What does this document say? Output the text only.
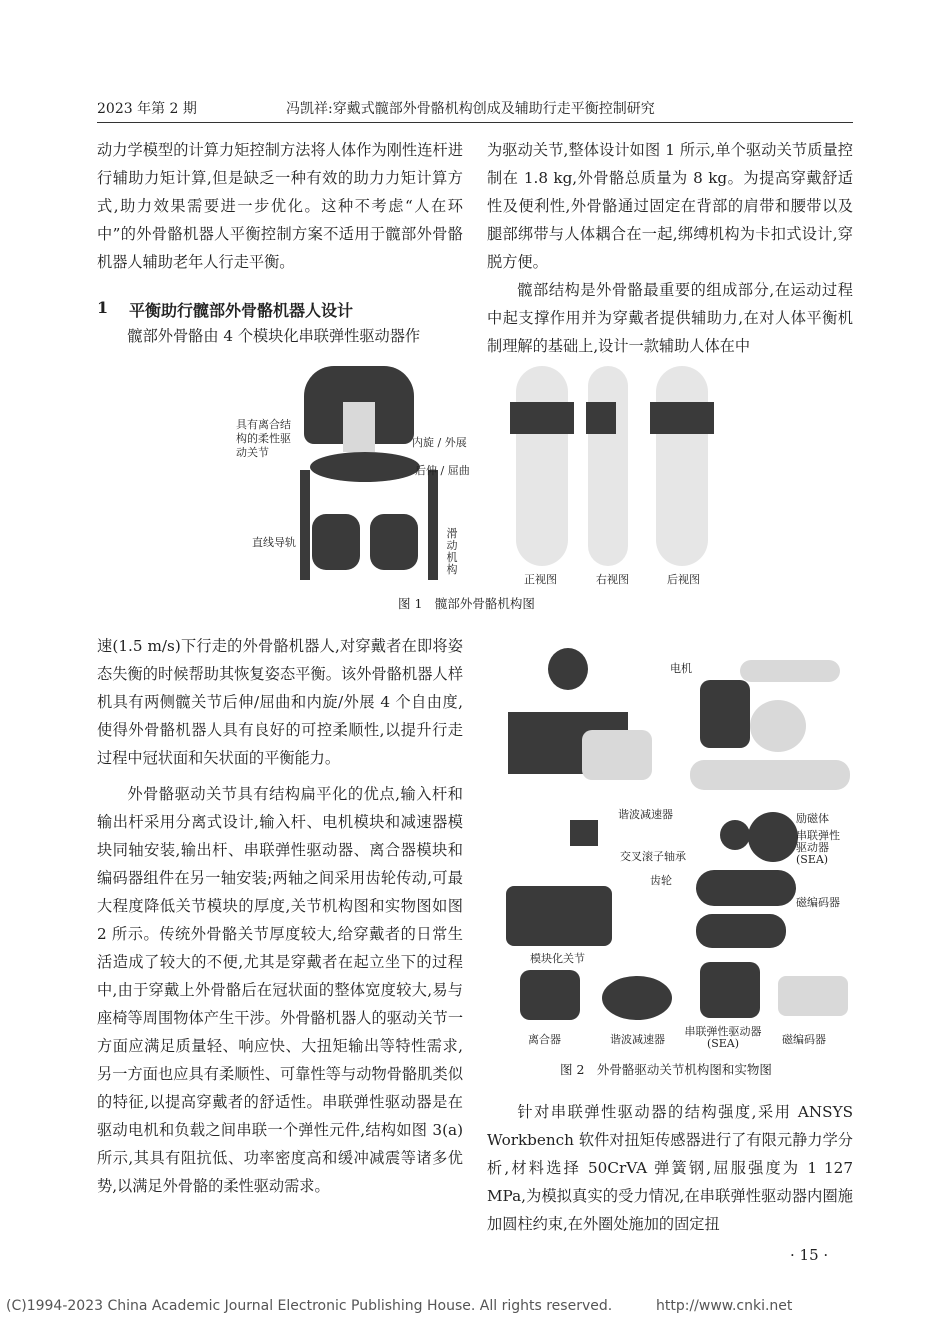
2023 年第 2 期	冯凯祥:穿戴式髋部外骨骼机构创成及辅助行走平衡控制研究

动力学模型的计算力矩控制方法将人体作为刚性连杆进行辅助力矩计算,但是缺乏一种有效的助力力矩计算方式,助力效果需要进一步优化。这种不考虑“人在环中”的外骨骼机器人平衡控制方案不适用于髋部外骨骼机器人辅助老年人行走平衡。

1 平衡助行髋部外骨骼机器人设计

髋部外骨骼由 4 个模块化串联弹性驱动器作

为驱动关节,整体设计如图 1 所示,单个驱动关节质量控制在 1.8 kg,外骨骼总质量为 8 kg。为提高穿戴舒适性及便利性,外骨骼通过固定在背部的肩带和腰带以及腿部绑带与人体耦合在一起,绑缚机构为卡扣式设计,穿脱方便。

髋部结构是外骨骼最重要的组成部分,在运动过程中起支撑作用并为穿戴者提供辅助力,在对人体平衡机制理解的基础上,设计一款辅助人体在中

具有离合结构的柔性驱动关节
内旋 / 外展
后伸 / 屈曲
直线导轨
滑动机构
正视图	右视图	后视图
图 1　髋部外骨骼机构图

速(1.5 m/s)下行走的外骨骼机器人,对穿戴者在即将姿态失衡的时候帮助其恢复姿态平衡。该外骨骼机器人样机具有两侧髋关节后伸/屈曲和内旋/外展 4 个自由度,使得外骨骼机器人具有良好的可控柔顺性,以提升行走过程中冠状面和矢状面的平衡能力。

外骨骼驱动关节具有结构扁平化的优点,输入杆和输出杆采用分离式设计,输入杆、电机模块和减速器模块同轴安装,输出杆、串联弹性驱动器、离合器模块和编码器组件在另一轴安装;两轴之间采用齿轮传动,可最大程度降低关节模块的厚度,关节机构图和实物图如图 2 所示。传统外骨骼关节厚度较大,给穿戴者的日常生活造成了较大的不便,尤其是穿戴者在起立坐下的过程中,由于穿戴上外骨骼后在冠状面的整体宽度较大,易与座椅等周围物体产生干涉。外骨骼机器人的驱动关节一方面应满足质量轻、响应快、大扭矩输出等特性需求,另一方面也应具有柔顺性、可靠性等与动物骨骼肌类似的特征,以提高穿戴者的舒适性。串联弹性驱动器是在驱动电机和负载之间串联一个弹性元件,结构如图 3(a) 所示,其具有阻抗低、功率密度高和缓冲减震等诸多优势,以满足外骨骼的柔性驱动需求。

电机
谐波减速器	励磁体
串联弹性驱动器 (SEA)
交叉滚子轴承
齿轮
磁编码器
模块化关节
离合器	谐波减速器
串联弹性驱动器 (SEA)	磁编码器
图 2　外骨骼驱动关节机构图和实物图

针对串联弹性驱动器的结构强度,采用 ANSYS Workbench 软件对扭矩传感器进行了有限元静力学分析,材料选择 50CrVA 弹簧钢,屈服强度为 1 127 MPa,为模拟真实的受力情况,在串联弹性驱动器内圈施加圆柱约束,在外圈处施加的固定扭

· 15 ·
(C)1994-2023 China Academic Journal Electronic Publishing House. All rights reserved.	http://www.cnki.net
